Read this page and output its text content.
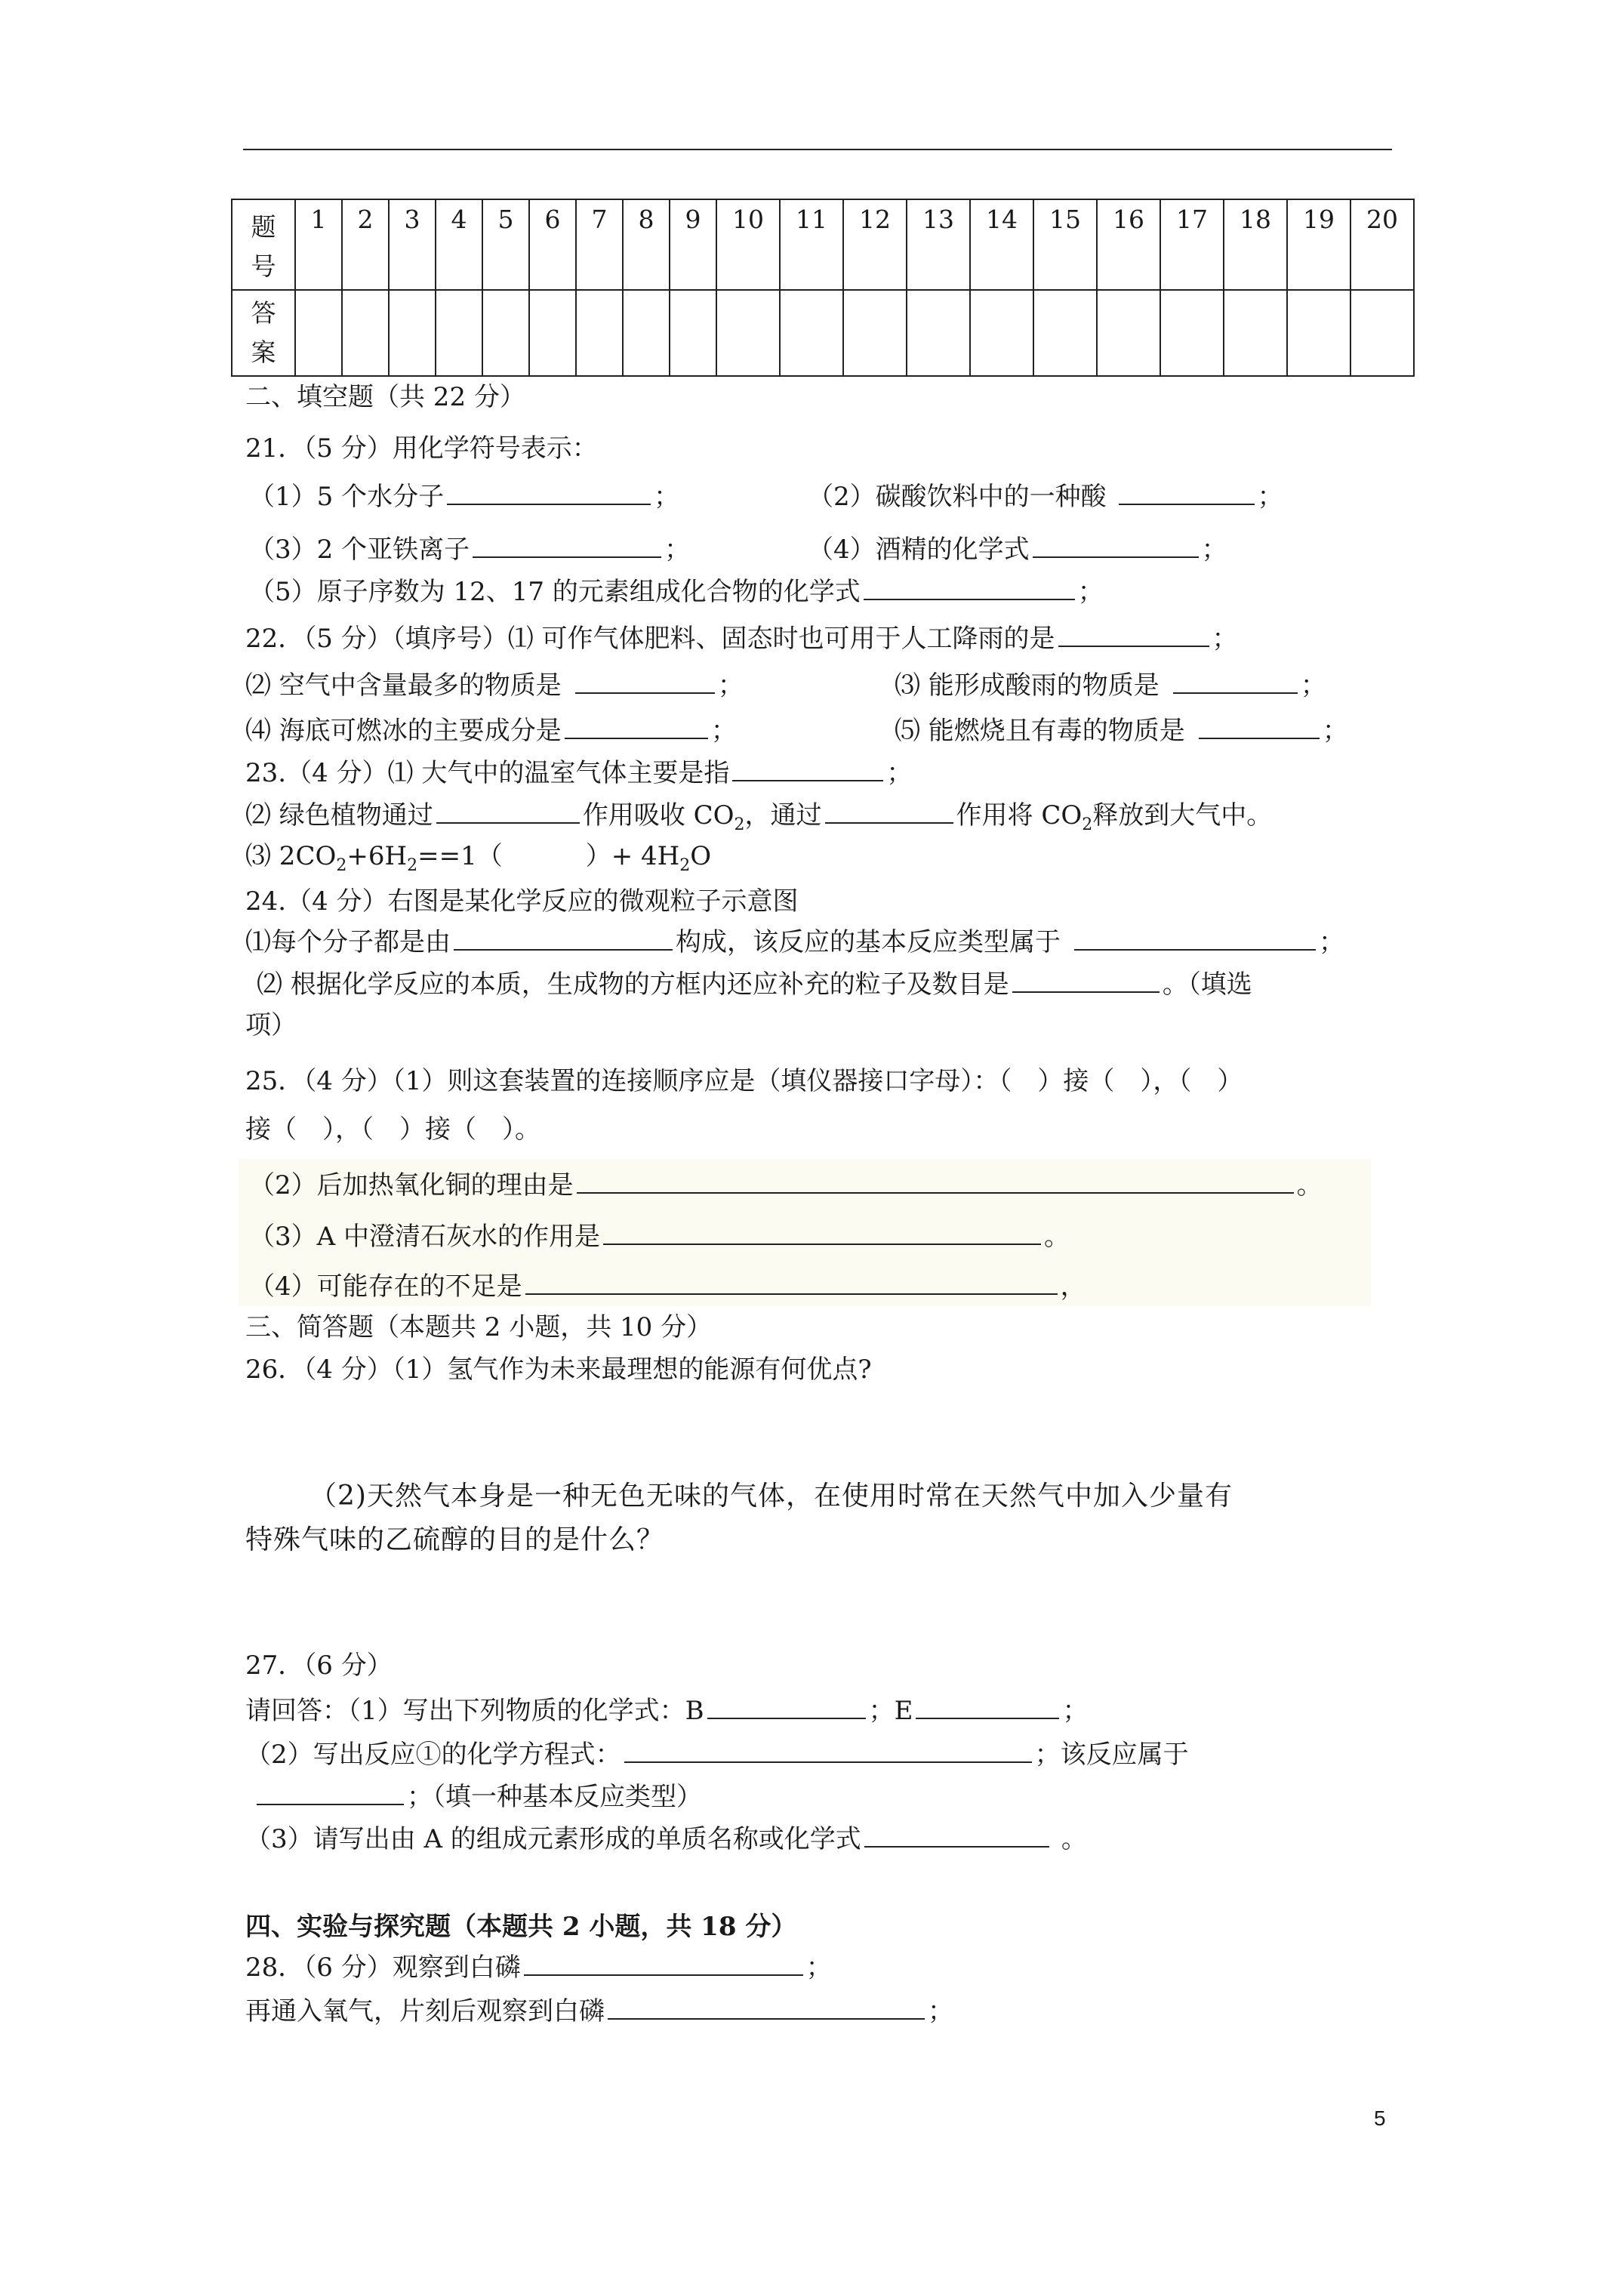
题
号	1	2	3	4	5	6	7	8	9	10	11	12	13	14	15	16	17	18	19	20
答
案																				
二、填空题（共 22 分）
21．（5 分）用化学符号表示：
（1）5 个水分子	；	（2）碳酸饮料中的一种酸	；
（3）2 个亚铁离子	；	（4）酒精的化学式	；
（5）原子序数为 12、17 的元素组成化合物的化学式	；
22．（5 分）（填序号）⑴ 可作气体肥料、固态时也可用于人工降雨的是	；
⑵ 空气中含量最多的物质是	；	⑶ 能形成酸雨的物质是	；
⑷ 海底可燃冰的主要成分是	；	⑸ 能燃烧且有毒的物质是	；
23.（4 分）⑴ 大气中的温室气体主要是指	；
⑵ 绿色植物通过	作用吸收 $CO_2$，通过	作用将 $CO_2$释放到大气中。
⑶ $2CO_2+6H_2==1$（	）+ $4H_2O$
24.（4 分）右图是某化学反应的微观粒子示意图
⑴每个分子都是由	构成，该反应的基本反应类型属于	；
⑵ 根据化学反应的本质，生成物的方框内还应补充的粒子及数目是	。（填选
项）
25．（4 分）（1）则这套装置的连接顺序应是（填仪器接口字母）：（　）接（　），（　）
接（　），（　）接（　）。
（2）后加热氧化铜的理由是	。
（3）A 中澄清石灰水的作用是	。
（4）可能存在的不足是	，
三、简答题（本题共 2 小题，共 10 分）
26．（4 分）（1）氢气作为未来最理想的能源有何优点?
（2)天然气本身是一种无色无味的气体，在使用时常在天然气中加入少量有
特殊气味的乙硫醇的目的是什么？
27．（6 分）
请回答：（1）写出下列物质的化学式：B	；E	；
（2）写出反应①的化学方程式：	；该反应属于
；（填一种基本反应类型）
（3）请写出由 A 的组成元素形成的单质名称或化学式	。
四、实验与探究题（本题共 2 小题，共 18 分）
28．（6 分）观察到白磷	；
再通入氧气，片刻后观察到白磷	；
5
